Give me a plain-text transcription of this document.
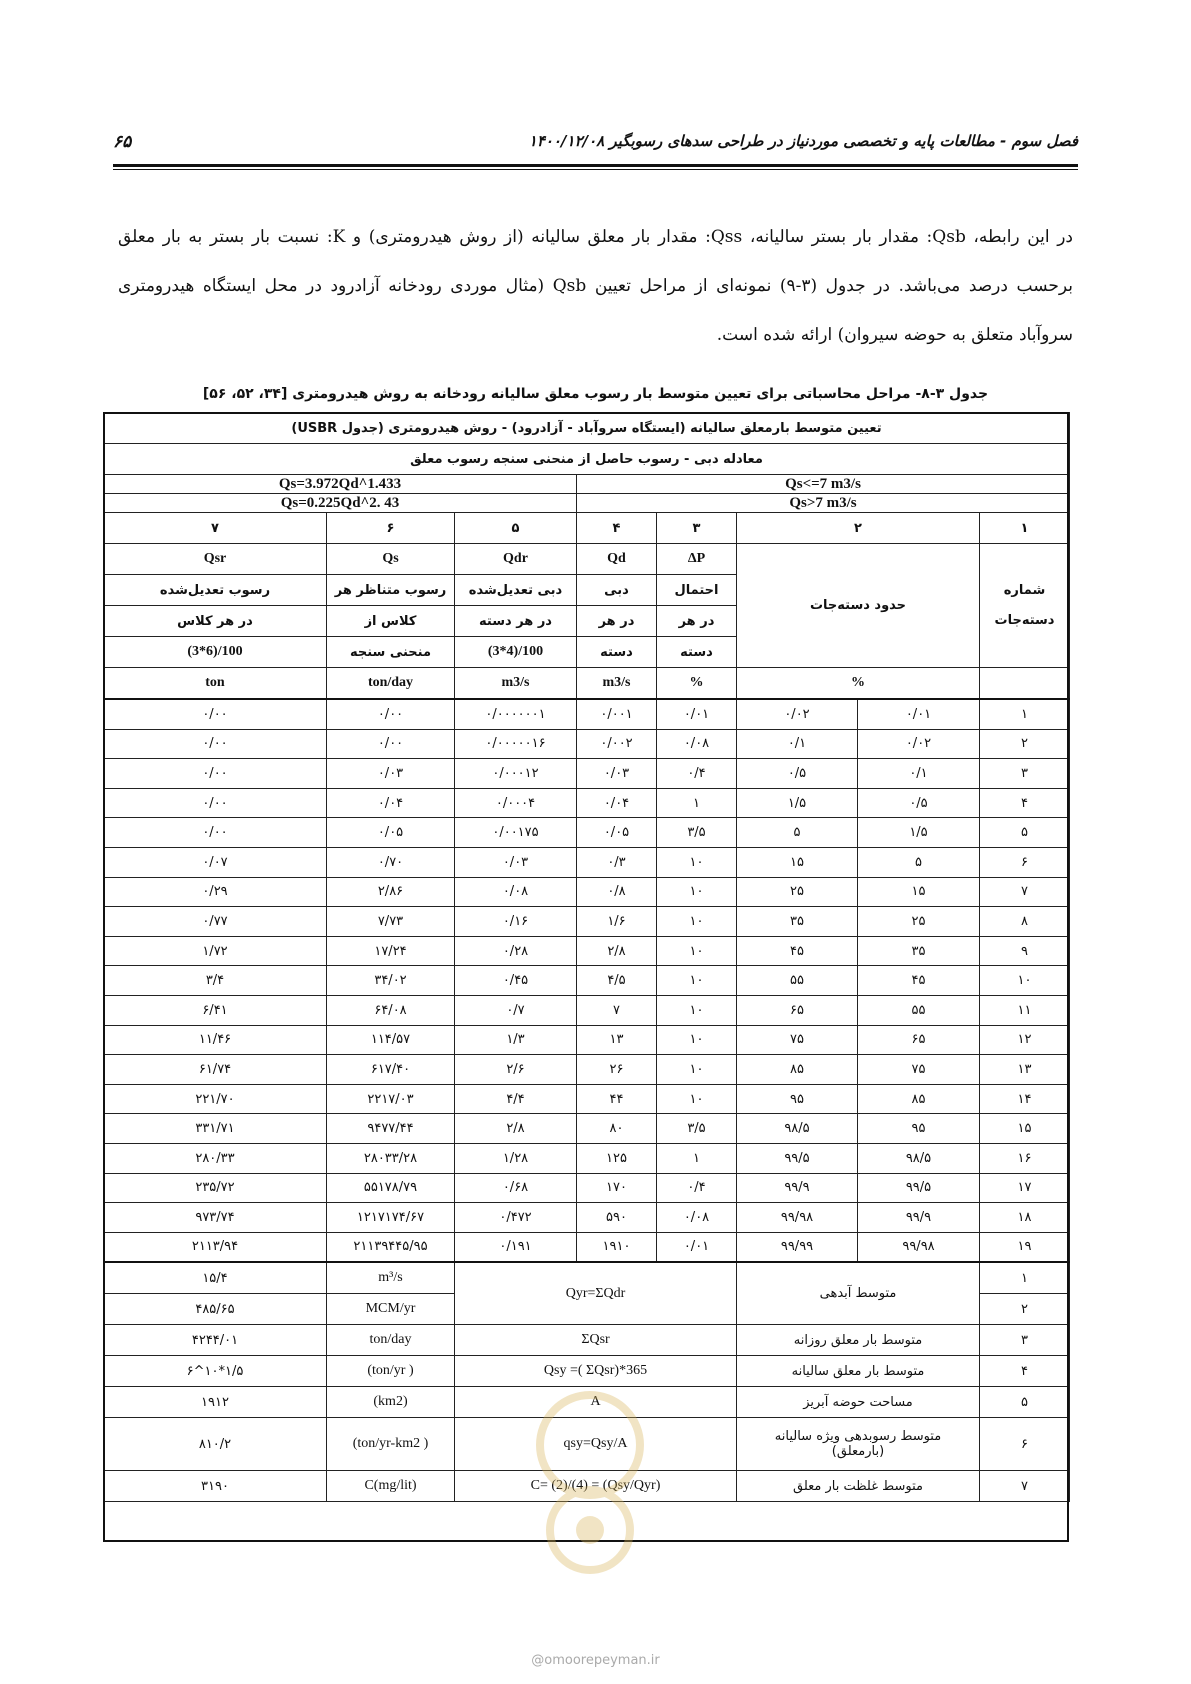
فصل سوم - مطالعات پایه و تخصصی موردنیاز در طراحی سدهای رسوبگیر ۱۴۰۰/۱۲/۰۸
۶۵
در این رابطه، Qsb: مقدار بار بستر سالیانه، Qss: مقدار بار معلق سالیانه (از روش هیدرومتری) و K: نسبت بار بستر به بار معلق برحسب درصد می‌باشد. در جدول (۳-۹) نمونه‌ای از مراحل تعیین Qsb (مثال موردی رودخانه آزادرود در محل ایستگاه هیدرومتری سروآباد متعلق به حوضه سیروان) ارائه شده است.
جدول ۳-۸- مراحل محاسباتی برای تعیین متوسط بار رسوب معلق سالیانه رودخانه به روش هیدرومتری [۳۴، ۵۲، ۵۶]
تعیین متوسط بارمعلق سالیانه (ایستگاه سروآباد - آزادرود) - روش هیدرومتری (جدول USBR)							
معادله دبی - رسوب حاصل از منحنی سنجه رسوب معلق							
Qs<=7 m3/s					Qs=3.972Qd^1.433		
Qs>7 m3/s					Qs=0.225Qd^2. 43		
۱	۲		۳	۴	۵	۶	۷
شماره دسته‌جات	حدود دسته‌جات		ΔP	Qd	Qdr	Qs	Qsr
			احتمال	دبی	دبی تعدیل‌شده	رسوب متناظر هر	رسوب تعدیل‌شده
			در هر	در هر	در هر دسته	کلاس از	در هر کلاس
			دسته	دسته	(3*4)/100	منحنی سنجه	(3*6)/100
	%		%	m3/s	m3/s	ton/day	ton
۱	۰/۰۱	۰/۰۲	۰/۰۱	۰/۰۰۱	۰/۰۰۰۰۰۰۱	۰/۰۰	۰/۰۰
۲	۰/۰۲	۰/۱	۰/۰۸	۰/۰۰۲	۰/۰۰۰۰۰۱۶	۰/۰۰	۰/۰۰
۳	۰/۱	۰/۵	۰/۴	۰/۰۳	۰/۰۰۰۱۲	۰/۰۳	۰/۰۰
۴	۰/۵	۱/۵	۱	۰/۰۴	۰/۰۰۰۴	۰/۰۴	۰/۰۰
۵	۱/۵	۵	۳/۵	۰/۰۵	۰/۰۰۱۷۵	۰/۰۵	۰/۰۰
۶	۵	۱۵	۱۰	۰/۳	۰/۰۳	۰/۷۰	۰/۰۷
۷	۱۵	۲۵	۱۰	۰/۸	۰/۰۸	۲/۸۶	۰/۲۹
۸	۲۵	۳۵	۱۰	۱/۶	۰/۱۶	۷/۷۳	۰/۷۷
۹	۳۵	۴۵	۱۰	۲/۸	۰/۲۸	۱۷/۲۴	۱/۷۲
۱۰	۴۵	۵۵	۱۰	۴/۵	۰/۴۵	۳۴/۰۲	۳/۴
۱۱	۵۵	۶۵	۱۰	۷	۰/۷	۶۴/۰۸	۶/۴۱
۱۲	۶۵	۷۵	۱۰	۱۳	۱/۳	۱۱۴/۵۷	۱۱/۴۶
۱۳	۷۵	۸۵	۱۰	۲۶	۲/۶	۶۱۷/۴۰	۶۱/۷۴
۱۴	۸۵	۹۵	۱۰	۴۴	۴/۴	۲۲۱۷/۰۳	۲۲۱/۷۰
۱۵	۹۵	۹۸/۵	۳/۵	۸۰	۲/۸	۹۴۷۷/۴۴	۳۳۱/۷۱
۱۶	۹۸/۵	۹۹/۵	۱	۱۲۵	۱/۲۸	۲۸۰۳۳/۲۸	۲۸۰/۳۳
۱۷	۹۹/۵	۹۹/۹	۰/۴	۱۷۰	۰/۶۸	۵۵۱۷۸/۷۹	۲۳۵/۷۲
۱۸	۹۹/۹	۹۹/۹۸	۰/۰۸	۵۹۰	۰/۴۷۲	۱۲۱۷۱۷۴/۶۷	۹۷۳/۷۴
۱۹	۹۹/۹۸	۹۹/۹۹	۰/۰۱	۱۹۱۰	۰/۱۹۱	۲۱۱۳۹۴۴۵/۹۵	۲۱۱۳/۹۴
۱	متوسط آبدهی		Qyr=ΣQdr			m³/s	۱۵/۴
۲						MCM/yr	۴۸۵/۶۵
۳	متوسط بار معلق روزانه		ΣQsr			ton/day	۴۲۴۴/۰۱
۴	متوسط بار معلق سالیانه		Qsy =( ΣQsr)*365			(ton/yr )	۱/۵*۱۰^۶
۵	مساحت حوضه آبریز		A			(km2)	۱۹۱۲
۶	متوسط رسوبدهی ویژه سالیانه (بارمعلق)		qsy=Qsy/A			(ton/yr-km2 )	۸۱۰/۲
۷	متوسط غلظت بار معلق		C= (2)/(4) = (Qsy/Qyr)			C(mg/lit)	۳۱۹۰
@omoorepeyman.ir
